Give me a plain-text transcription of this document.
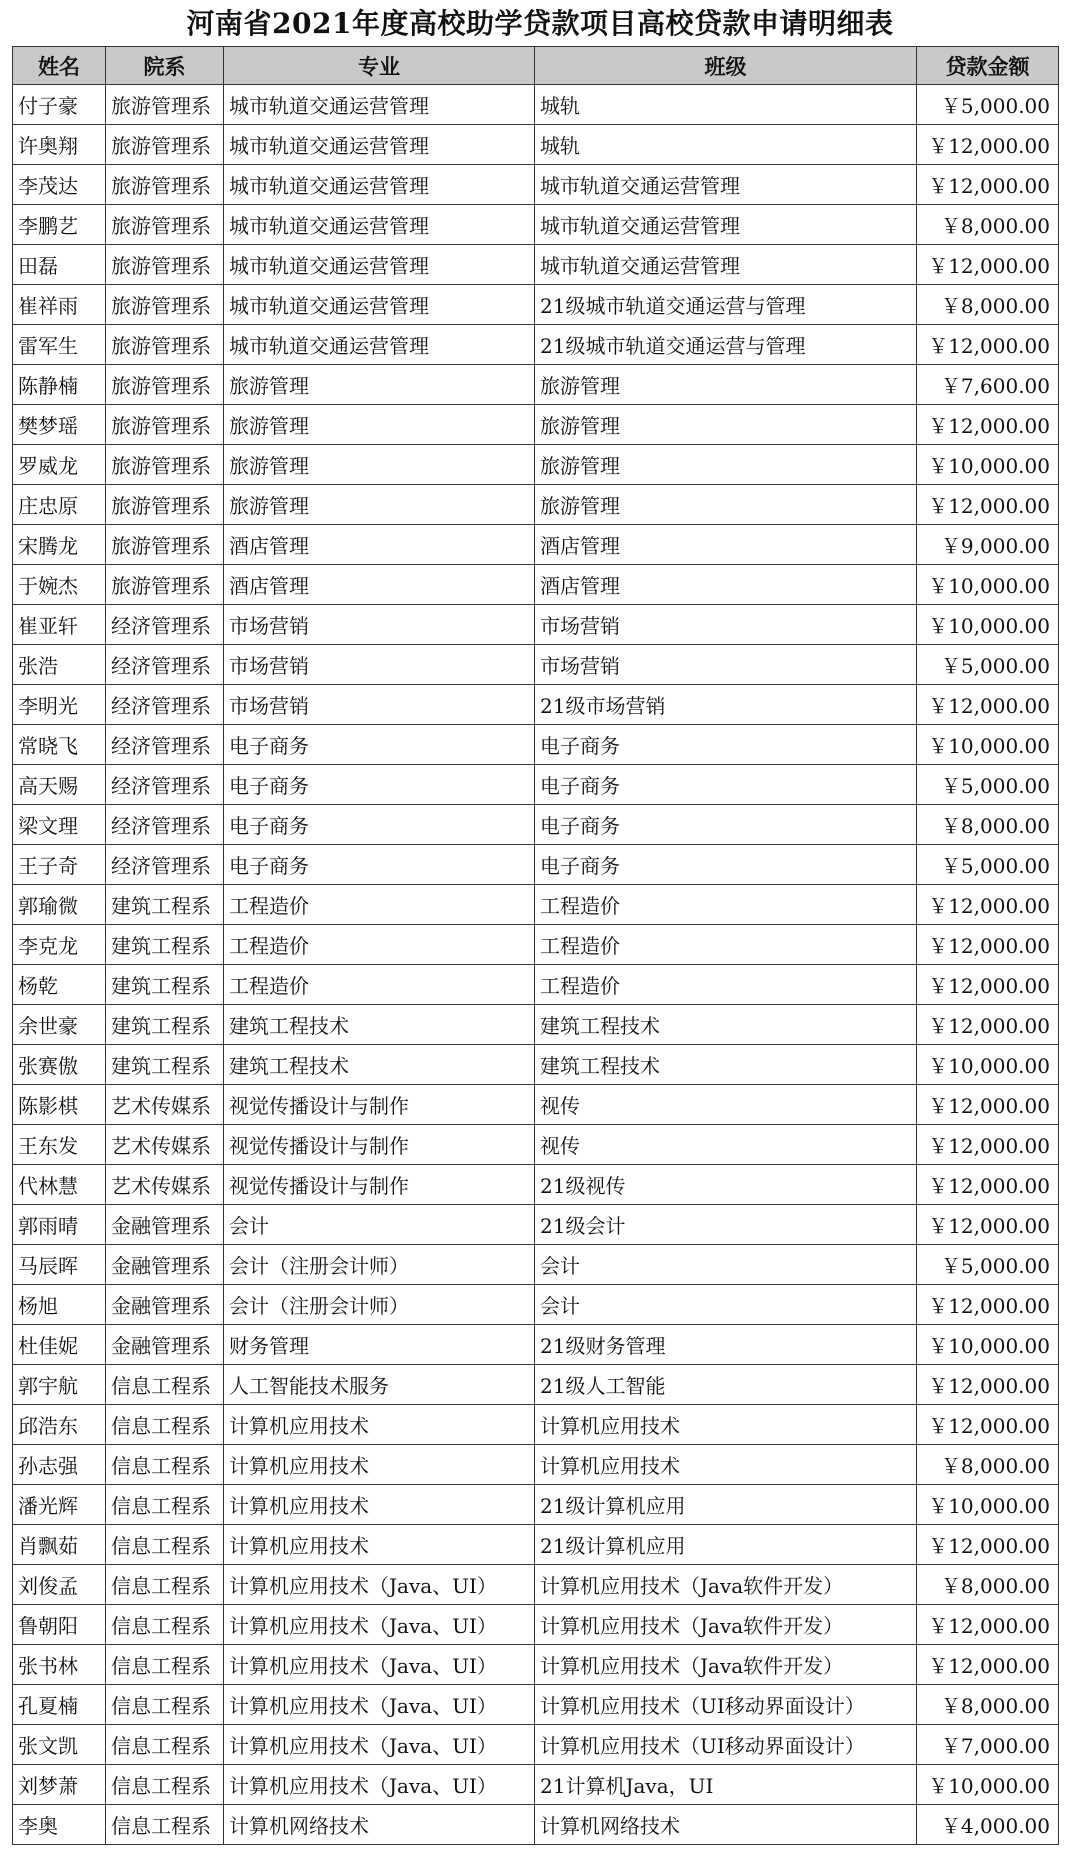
河南省2021年度高校助学贷款项目高校贷款申请明细表
姓名	院系	专业	班级	贷款金额
付子豪	旅游管理系	城市轨道交通运营管理	城轨	￥5,000.00
许奥翔	旅游管理系	城市轨道交通运营管理	城轨	￥12,000.00
李茂达	旅游管理系	城市轨道交通运营管理	城市轨道交通运营管理	￥12,000.00
李鹏艺	旅游管理系	城市轨道交通运营管理	城市轨道交通运营管理	￥8,000.00
田磊	旅游管理系	城市轨道交通运营管理	城市轨道交通运营管理	￥12,000.00
崔祥雨	旅游管理系	城市轨道交通运营管理	21级城市轨道交通运营与管理	￥8,000.00
雷军生	旅游管理系	城市轨道交通运营管理	21级城市轨道交通运营与管理	￥12,000.00
陈静楠	旅游管理系	旅游管理	旅游管理	￥7,600.00
樊梦瑶	旅游管理系	旅游管理	旅游管理	￥12,000.00
罗威龙	旅游管理系	旅游管理	旅游管理	￥10,000.00
庄忠原	旅游管理系	旅游管理	旅游管理	￥12,000.00
宋腾龙	旅游管理系	酒店管理	酒店管理	￥9,000.00
于婉杰	旅游管理系	酒店管理	酒店管理	￥10,000.00
崔亚轩	经济管理系	市场营销	市场营销	￥10,000.00
张浩	经济管理系	市场营销	市场营销	￥5,000.00
李明光	经济管理系	市场营销	21级市场营销	￥12,000.00
常晓飞	经济管理系	电子商务	电子商务	￥10,000.00
高天赐	经济管理系	电子商务	电子商务	￥5,000.00
梁文理	经济管理系	电子商务	电子商务	￥8,000.00
王子奇	经济管理系	电子商务	电子商务	￥5,000.00
郭瑜微	建筑工程系	工程造价	工程造价	￥12,000.00
李克龙	建筑工程系	工程造价	工程造价	￥12,000.00
杨乾	建筑工程系	工程造价	工程造价	￥12,000.00
余世豪	建筑工程系	建筑工程技术	建筑工程技术	￥12,000.00
张赛傲	建筑工程系	建筑工程技术	建筑工程技术	￥10,000.00
陈影棋	艺术传媒系	视觉传播设计与制作	视传	￥12,000.00
王东发	艺术传媒系	视觉传播设计与制作	视传	￥12,000.00
代林慧	艺术传媒系	视觉传播设计与制作	21级视传	￥12,000.00
郭雨晴	金融管理系	会计	21级会计	￥12,000.00
马辰晖	金融管理系	会计（注册会计师）	会计	￥5,000.00
杨旭	金融管理系	会计（注册会计师）	会计	￥12,000.00
杜佳妮	金融管理系	财务管理	21级财务管理	￥10,000.00
郭宇航	信息工程系	人工智能技术服务	21级人工智能	￥12,000.00
邱浩东	信息工程系	计算机应用技术	计算机应用技术	￥12,000.00
孙志强	信息工程系	计算机应用技术	计算机应用技术	￥8,000.00
潘光辉	信息工程系	计算机应用技术	21级计算机应用	￥10,000.00
肖飘茹	信息工程系	计算机应用技术	21级计算机应用	￥12,000.00
刘俊孟	信息工程系	计算机应用技术（Java、UI）	计算机应用技术（Java软件开发）	￥8,000.00
鲁朝阳	信息工程系	计算机应用技术（Java、UI）	计算机应用技术（Java软件开发）	￥12,000.00
张书林	信息工程系	计算机应用技术（Java、UI）	计算机应用技术（Java软件开发）	￥12,000.00
孔夏楠	信息工程系	计算机应用技术（Java、UI）	计算机应用技术（UI移动界面设计）	￥8,000.00
张文凯	信息工程系	计算机应用技术（Java、UI）	计算机应用技术（UI移动界面设计）	￥7,000.00
刘梦萧	信息工程系	计算机应用技术（Java、UI）	21计算机Java，UI	￥10,000.00
李奥	信息工程系	计算机网络技术	计算机网络技术	￥4,000.00
